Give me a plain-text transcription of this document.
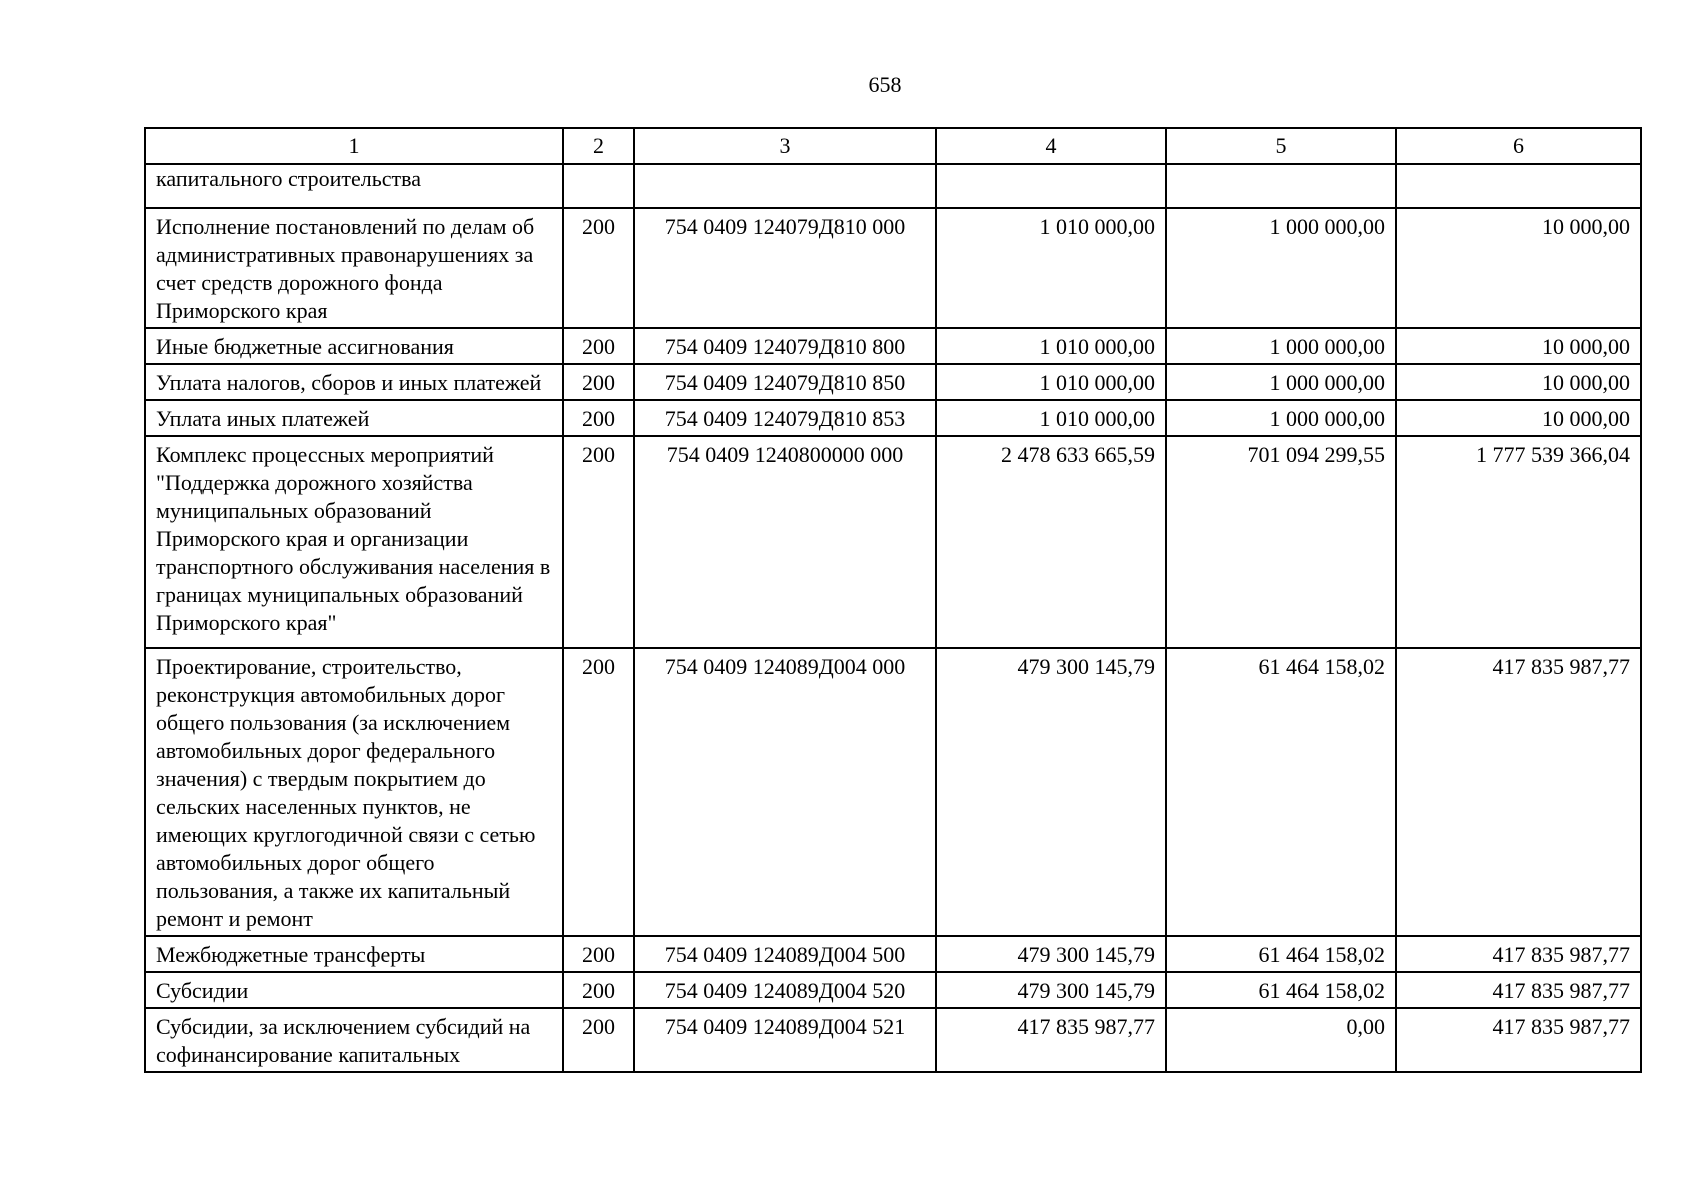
658
1	2	3	4	5	6
капитального строительства					
Исполнение постановлений по делам об административных правонарушениях за счет средств дорожного фонда Приморского края	200	754 0409 124079Д810 000	1 010 000,00	1 000 000,00	10 000,00
Иные бюджетные ассигнования	200	754 0409 124079Д810 800	1 010 000,00	1 000 000,00	10 000,00
Уплата налогов, сборов и иных платежей	200	754 0409 124079Д810 850	1 010 000,00	1 000 000,00	10 000,00
Уплата иных платежей	200	754 0409 124079Д810 853	1 010 000,00	1 000 000,00	10 000,00
Комплекс процессных мероприятий "Поддержка дорожного хозяйства муниципальных образований Приморского края и организации транспортного обслуживания населения в границах муниципальных образований Приморского края"	200	754 0409 1240800000 000	2 478 633 665,59	701 094 299,55	1 777 539 366,04
Проектирование, строительство, реконструкция автомобильных дорог общего пользования (за исключением автомобильных дорог федерального значения) с твердым покрытием до сельских населенных пунктов, не имеющих круглогодичной связи с сетью автомобильных дорог общего пользования, а также их капитальный ремонт и ремонт	200	754 0409 124089Д004 000	479 300 145,79	61 464 158,02	417 835 987,77
Межбюджетные трансферты	200	754 0409 124089Д004 500	479 300 145,79	61 464 158,02	417 835 987,77
Субсидии	200	754 0409 124089Д004 520	479 300 145,79	61 464 158,02	417 835 987,77
Субсидии, за исключением субсидий на софинансирование капитальных	200	754 0409 124089Д004 521	417 835 987,77	0,00	417 835 987,77
